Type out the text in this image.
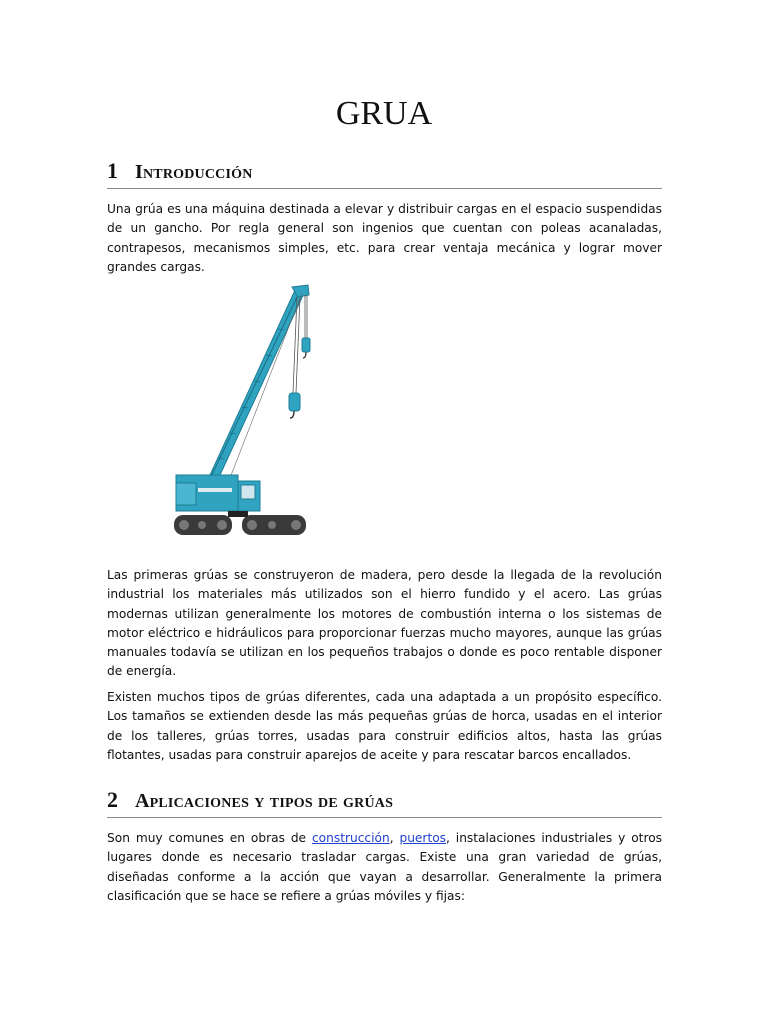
GRUA
1 Introducción

Una grúa es una máquina destinada a elevar y distribuir cargas en el espacio suspendidas de un gancho. Por regla general son ingenios que cuentan con poleas acanaladas, contrapesos, mecanismos simples, etc. para crear ventaja mecánica y lograr mover grandes cargas.

Las primeras grúas se construyeron de madera, pero desde la llegada de la revolución industrial los materiales más utilizados son el hierro fundido y el acero. Las grúas modernas utilizan generalmente los motores de combustión interna o los sistemas de motor eléctrico e hidráulicos para proporcionar fuerzas mucho mayores, aunque las grúas manuales todavía se utilizan en los pequeños trabajos o donde es poco rentable disponer de energía.

Existen muchos tipos de grúas diferentes, cada una adaptada a un propósito específico. Los tamaños se extienden desde las más pequeñas grúas de horca, usadas en el interior de los talleres, grúas torres, usadas para construir edificios altos, hasta las grúas flotantes, usadas para construir aparejos de aceite y para rescatar barcos encallados.

2 Aplicaciones y tipos de grúas

Son muy comunes en obras de construcción, puertos, instalaciones industriales y otros lugares donde es necesario trasladar cargas. Existe una gran variedad de grúas, diseñadas conforme a la acción que vayan a desarrollar. Generalmente la primera clasificación que se hace se refiere a grúas móviles y fijas:
